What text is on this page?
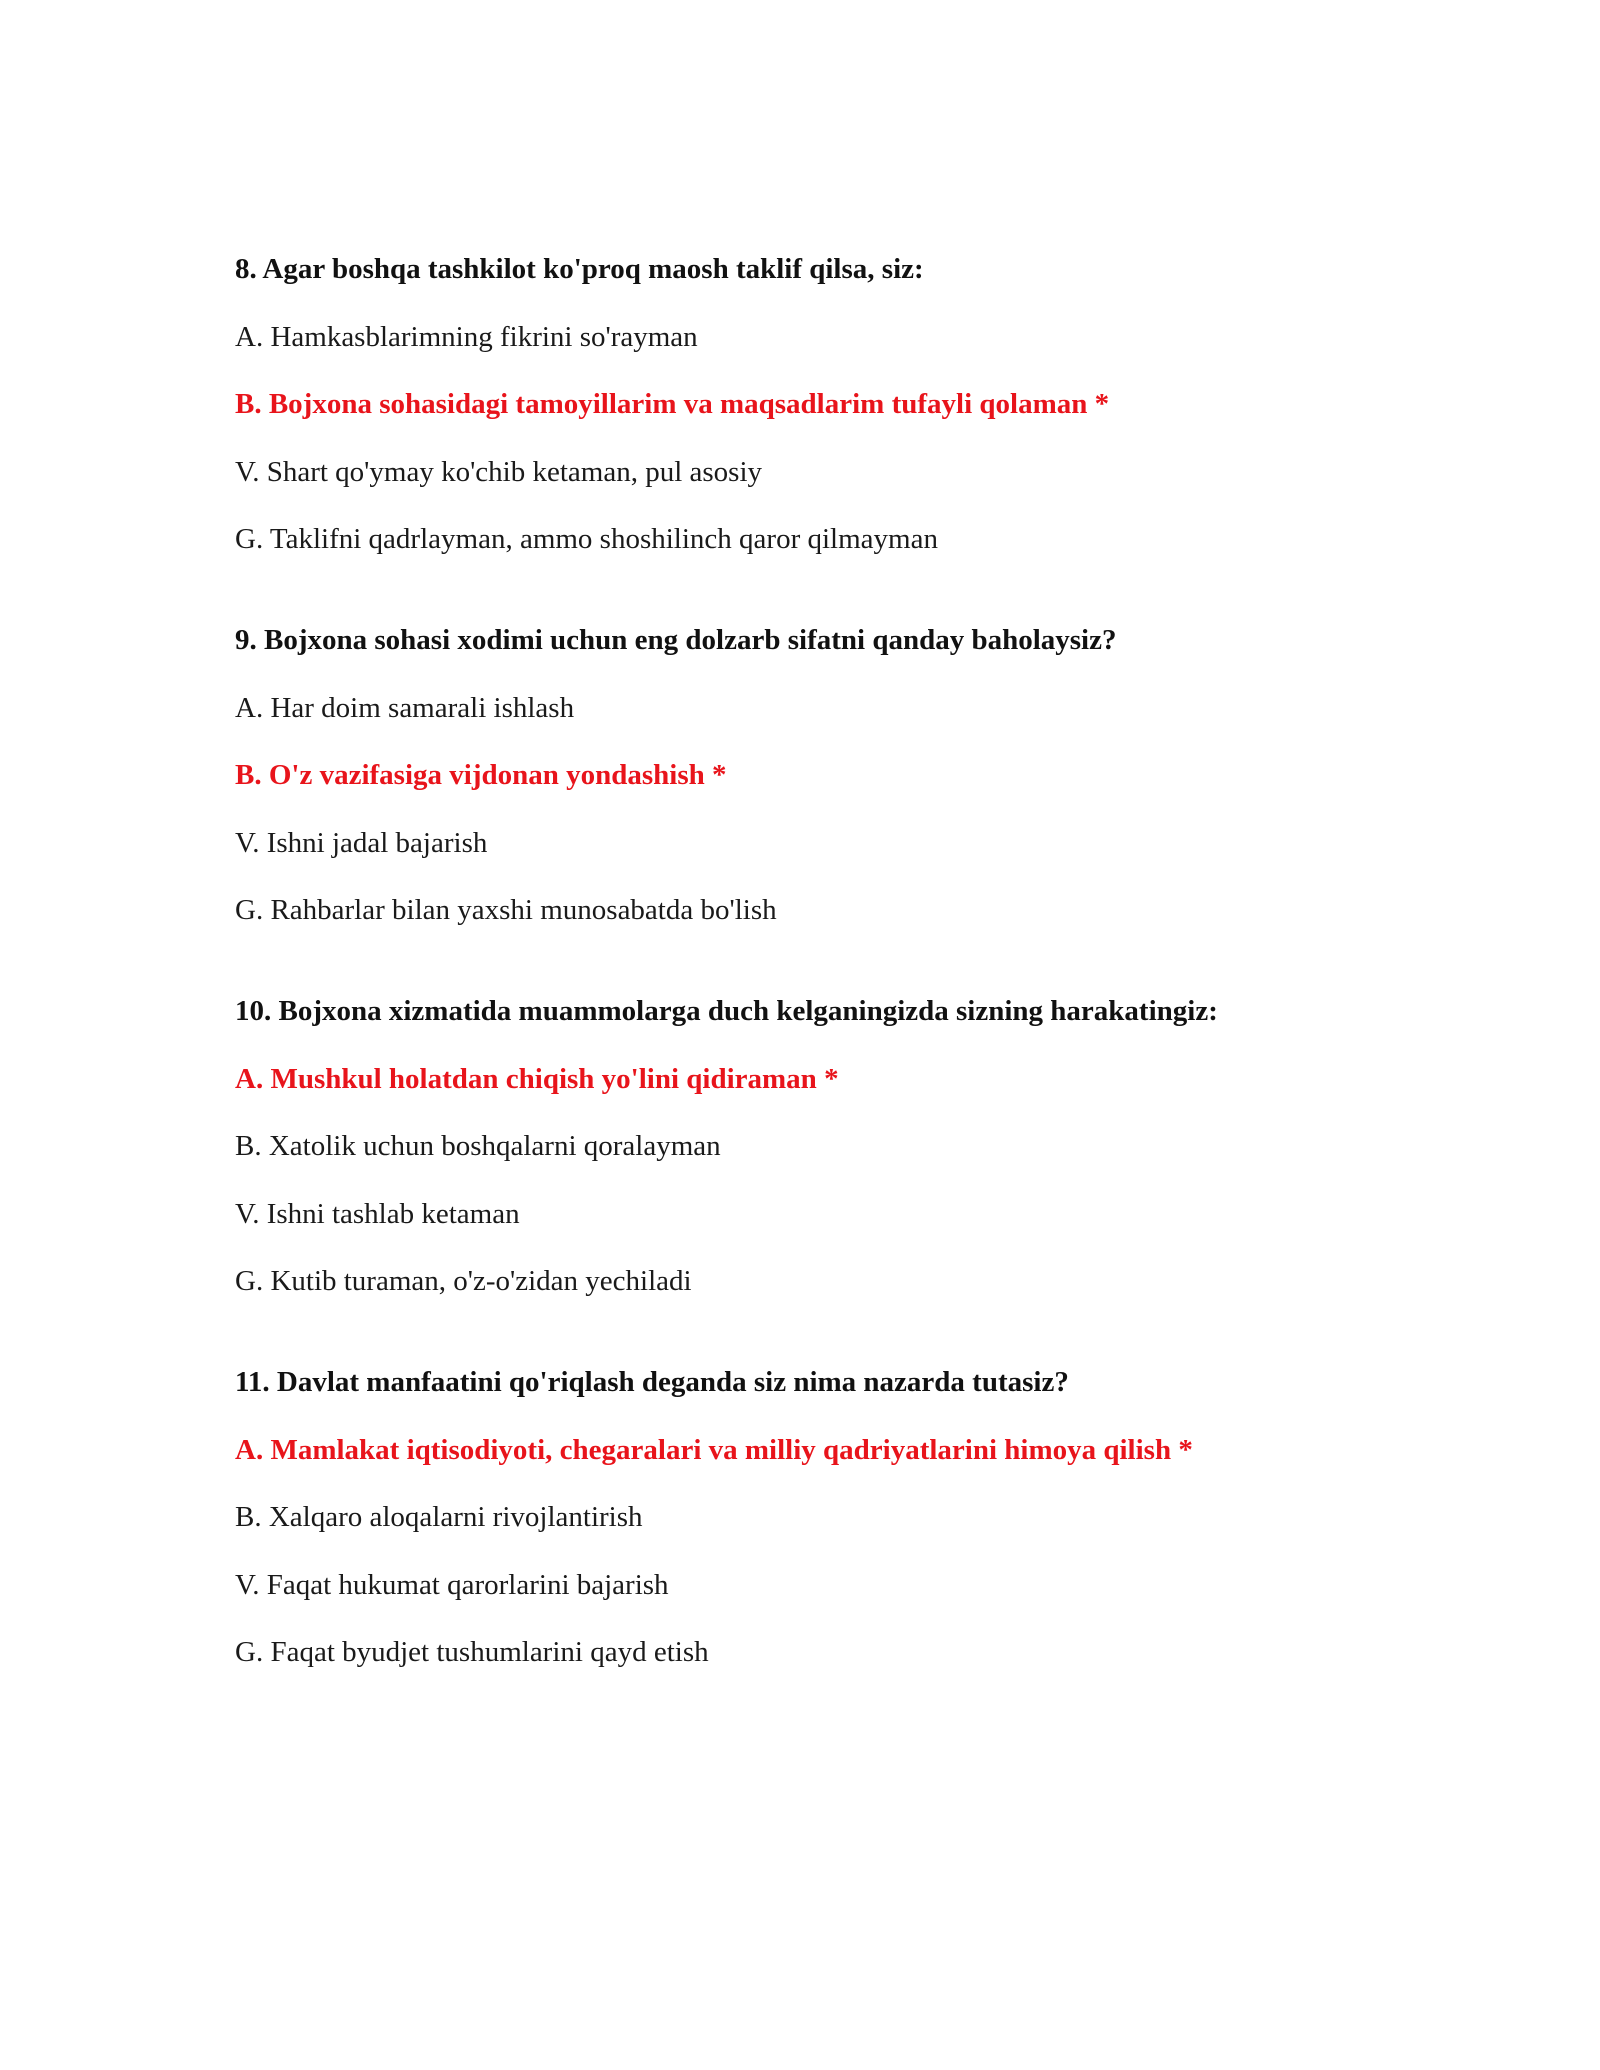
8. Agar boshqa tashkilot ko'proq maosh taklif qilsa, siz:
A. Hamkasblarimning fikrini so'rayman
B. Bojxona sohasidagi tamoyillarim va maqsadlarim tufayli qolaman *
V. Shart qo'ymay ko'chib ketaman, pul asosiy
G. Taklifni qadrlayman, ammo shoshilinch qaror qilmayman
9. Bojxona sohasi xodimi uchun eng dolzarb sifatni qanday baholaysiz?
A. Har doim samarali ishlash
B. O'z vazifasiga vijdonan yondashish *
V. Ishni jadal bajarish
G. Rahbarlar bilan yaxshi munosabatda bo'lish
10. Bojxona xizmatida muammolarga duch kelganingizda sizning harakatingiz:
A. Mushkul holatdan chiqish yo'lini qidiraman *
B. Xatolik uchun boshqalarni qoralayman
V. Ishni tashlab ketaman
G. Kutib turaman, o'z-o'zidan yechiladi
11. Davlat manfaatini qo'riqlash deganda siz nima nazarda tutasiz?
A. Mamlakat iqtisodiyoti, chegaralari va milliy qadriyatlarini himoya qilish *
B. Xalqaro aloqalarni rivojlantirish
V. Faqat hukumat qarorlarini bajarish
G. Faqat byudjet tushumlarini qayd etish
